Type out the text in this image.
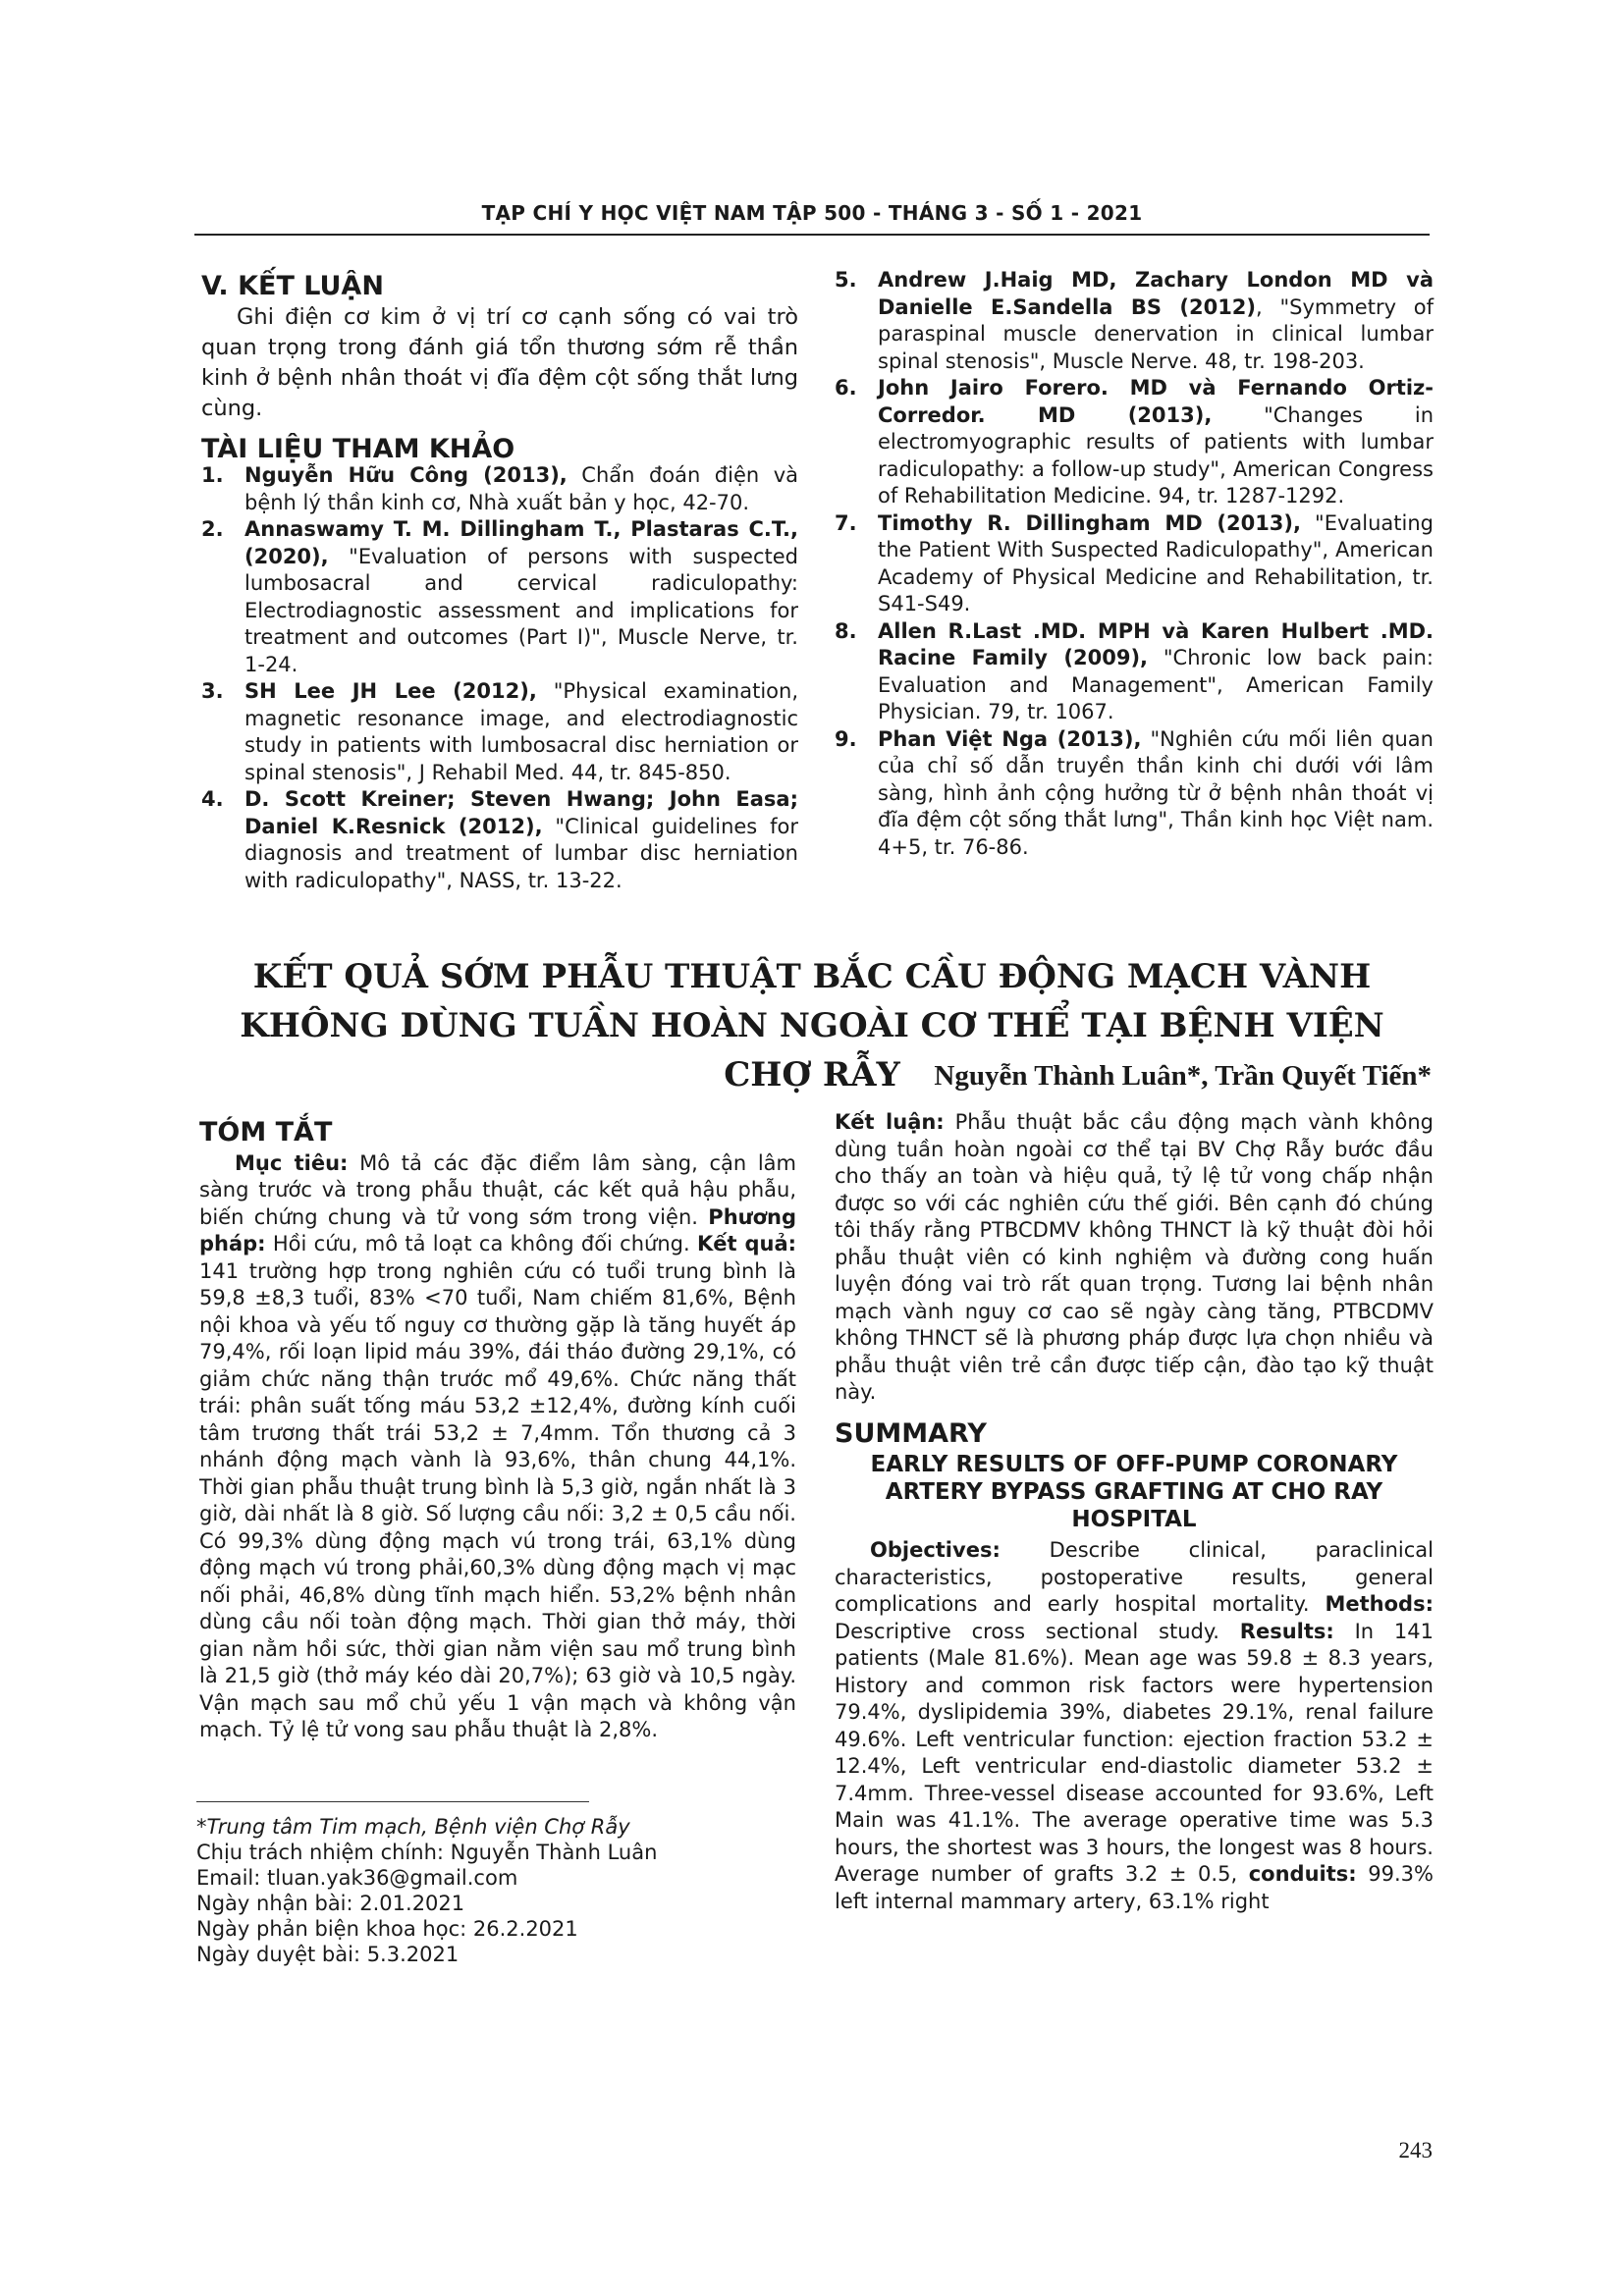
TẠP CHÍ Y HỌC VIỆT NAM TẬP 500 - THÁNG 3 - SỐ 1 - 2021

V. KẾT LUẬN

Ghi điện cơ kim ở vị trí cơ cạnh sống có vai trò quan trọng trong đánh giá tổn thương sớm rễ thần kinh ở bệnh nhân thoát vị đĩa đệm cột sống thắt lưng cùng.

TÀI LIỆU THAM KHẢO

1. Nguyễn Hữu Công (2013), Chẩn đoán điện và bệnh lý thần kinh cơ, Nhà xuất bản y học, 42-70.

2. Annaswamy T. M. Dillingham T., Plastaras C.T., (2020), "Evaluation of persons with suspected lumbosacral and cervical radiculopathy: Electrodiagnostic assessment and implications for treatment and outcomes (Part I)", Muscle Nerve, tr. 1-24.

3. SH Lee JH Lee (2012), "Physical examination, magnetic resonance image, and electrodiagnostic study in patients with lumbosacral disc herniation or spinal stenosis", J Rehabil Med. 44, tr. 845-850.

4. D. Scott Kreiner; Steven Hwang; John Easa; Daniel K.Resnick (2012), "Clinical guidelines for diagnosis and treatment of lumbar disc herniation with radiculopathy", NASS, tr. 13-22.

5. Andrew J.Haig MD, Zachary London MD và Danielle E.Sandella BS (2012), "Symmetry of paraspinal muscle denervation in clinical lumbar spinal stenosis", Muscle Nerve. 48, tr. 198-203.

6. John Jairo Forero. MD và Fernando Ortiz-Corredor. MD (2013), "Changes in electromyographic results of patients with lumbar radiculopathy: a follow-up study", American Congress of Rehabilitation Medicine. 94, tr. 1287-1292.

7. Timothy R. Dillingham MD (2013), "Evaluating the Patient With Suspected Radiculopathy", American Academy of Physical Medicine and Rehabilitation, tr. S41-S49.

8. Allen R.Last .MD. MPH và Karen Hulbert .MD. Racine Family (2009), "Chronic low back pain: Evaluation and Management", American Family Physician. 79, tr. 1067.

9. Phan Việt Nga (2013), "Nghiên cứu mối liên quan của chỉ số dẫn truyền thần kinh chi dưới với lâm sàng, hình ảnh cộng hưởng từ ở bệnh nhân thoát vị đĩa đệm cột sống thắt lưng", Thần kinh học Việt nam. 4+5, tr. 76-86.

KẾT QUẢ SỚM PHẪU THUẬT BẮC CẦU ĐỘNG MẠCH VÀNH
KHÔNG DÙNG TUẦN HOÀN NGOÀI CƠ THỂ TẠI BỆNH VIỆN CHỢ RẪY	Nguyễn Thành Luân*, Trần Quyết Tiến*

TÓM TẮT

Mục tiêu: Mô tả các đặc điểm lâm sàng, cận lâm sàng trước và trong phẫu thuật, các kết quả hậu phẫu, biến chứng chung và tử vong sớm trong viện. Phương pháp: Hồi cứu, mô tả loạt ca không đối chứng. Kết quả: 141 trường hợp trong nghiên cứu có tuổi trung bình là 59,8 ±8,3 tuổi, 83% <70 tuổi, Nam chiếm 81,6%, Bệnh nội khoa và yếu tố nguy cơ thường gặp là tăng huyết áp 79,4%, rối loạn lipid máu 39%, đái tháo đường 29,1%, có giảm chức năng thận trước mổ 49,6%. Chức năng thất trái: phân suất tống máu 53,2 ±12,4%, đường kính cuối tâm trương thất trái 53,2 ± 7,4mm. Tổn thương cả 3 nhánh động mạch vành là 93,6%, thân chung 44,1%. Thời gian phẫu thuật trung bình là 5,3 giờ, ngắn nhất là 3 giờ, dài nhất là 8 giờ. Số lượng cầu nối: 3,2 ± 0,5 cầu nối. Có 99,3% dùng động mạch vú trong trái, 63,1% dùng động mạch vú trong phải,60,3% dùng động mạch vị mạc nối phải, 46,8% dùng tĩnh mạch hiển. 53,2% bệnh nhân dùng cầu nối toàn động mạch. Thời gian thở máy, thời gian nằm hồi sức, thời gian nằm viện sau mổ trung bình là 21,5 giờ (thở máy kéo dài 20,7%); 63 giờ và 10,5 ngày. Vận mạch sau mổ chủ yếu 1 vận mạch và không vận mạch. Tỷ lệ tử vong sau phẫu thuật là 2,8%.

Kết luận: Phẫu thuật bắc cầu động mạch vành không dùng tuần hoàn ngoài cơ thể tại BV Chợ Rẫy bước đầu cho thấy an toàn và hiệu quả, tỷ lệ tử vong chấp nhận được so với các nghiên cứu thế giới. Bên cạnh đó chúng tôi thấy rằng PTBCDMV không THNCT là kỹ thuật đòi hỏi phẫu thuật viên có kinh nghiệm và đường cong huấn luyện đóng vai trò rất quan trọng. Tương lai bệnh nhân mạch vành nguy cơ cao sẽ ngày càng tăng, PTBCDMV không THNCT sẽ là phương pháp được lựa chọn nhiều và phẫu thuật viên trẻ cần được tiếp cận, đào tạo kỹ thuật này.

SUMMARY

EARLY RESULTS OF OFF-PUMP CORONARY ARTERY BYPASS GRAFTING AT CHO RAY HOSPITAL

Objectives: Describe clinical, paraclinical characteristics, postoperative results, general complications and early hospital mortality. Methods: Descriptive cross sectional study. Results: In 141 patients (Male 81.6%). Mean age was 59.8 ± 8.3 years, History and common risk factors were hypertension 79.4%, dyslipidemia 39%, diabetes 29.1%, renal failure 49.6%. Left ventricular function: ejection fraction 53.2 ± 12.4%, Left ventricular end-diastolic diameter 53.2 ± 7.4mm. Three-vessel disease accounted for 93.6%, Left Main was 41.1%. The average operative time was 5.3 hours, the shortest was 3 hours, the longest was 8 hours. Average number of grafts 3.2 ± 0.5, conduits: 99.3% left internal mammary artery, 63.1% right

*Trung tâm Tim mạch, Bệnh viện Chợ Rẫy
Chịu trách nhiệm chính: Nguyễn Thành Luân
Email: tluan.yak36@gmail.com
Ngày nhận bài: 2.01.2021
Ngày phản biện khoa học: 26.2.2021
Ngày duyệt bài: 5.3.2021
243
